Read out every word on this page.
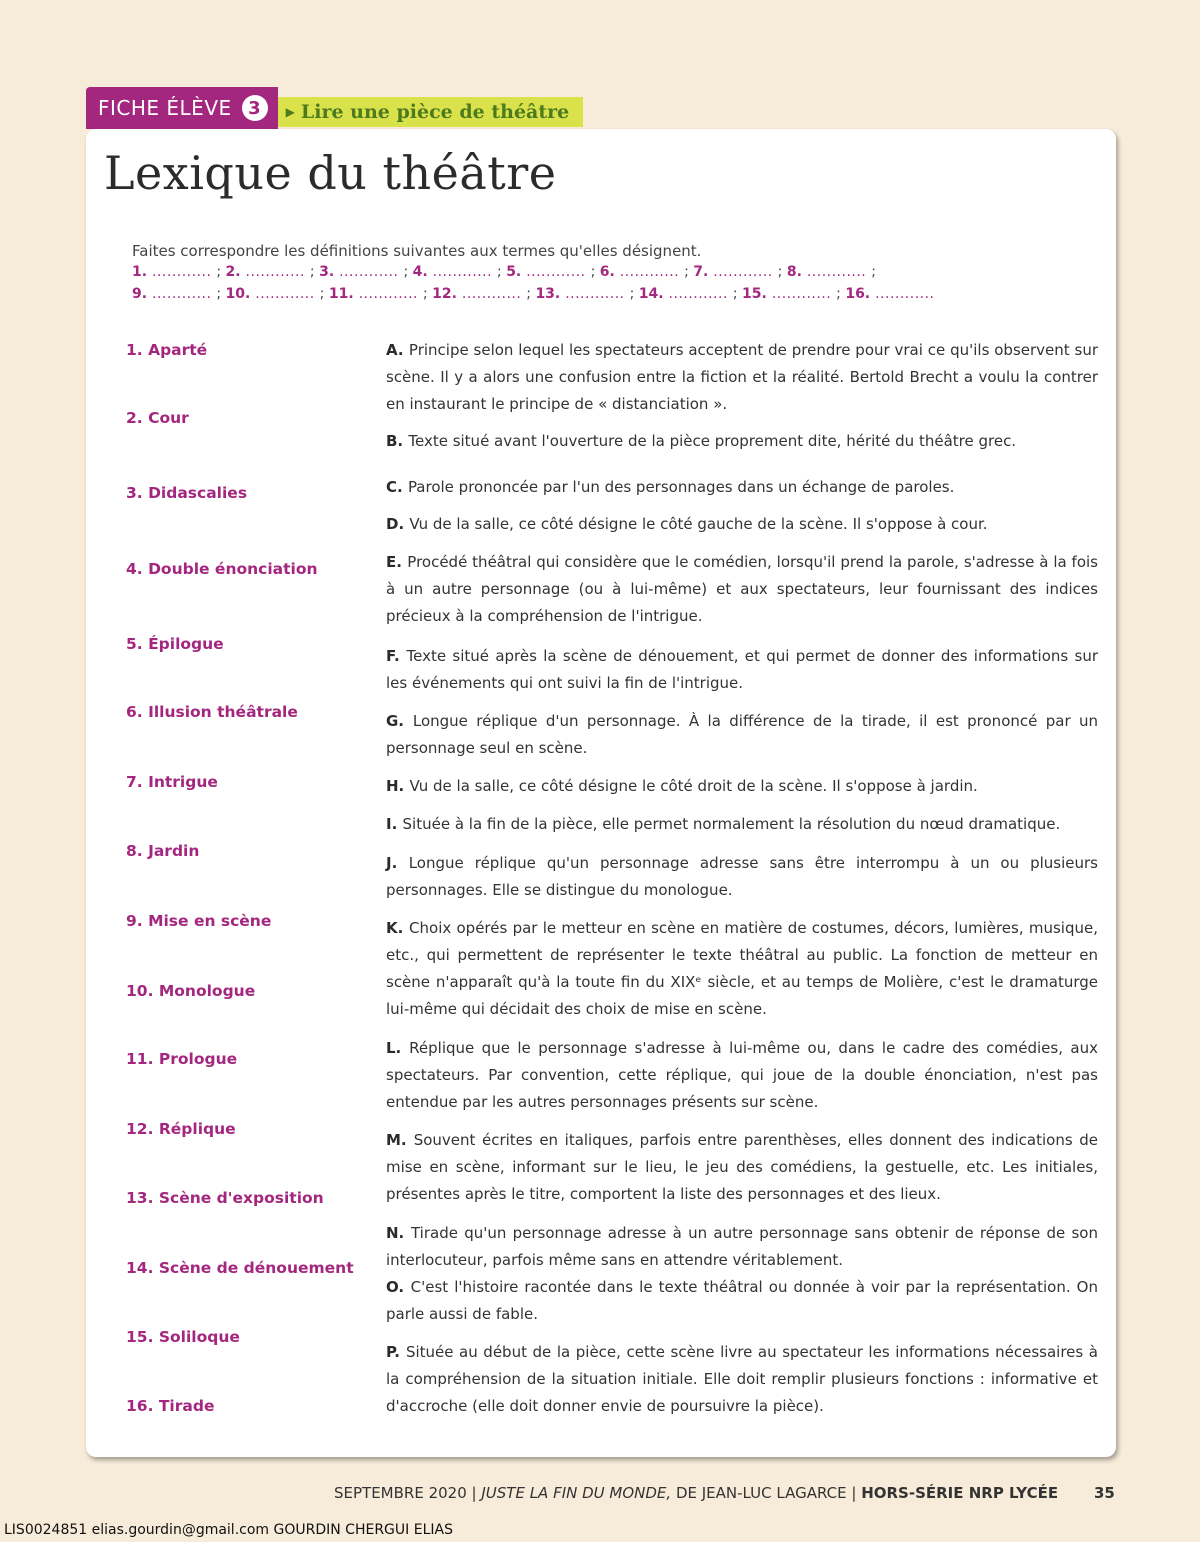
FICHE ÉLÈVE 3	▶ Lire une pièce de théâtre
Lexique du théâtre
Faites correspondre les définitions suivantes aux termes qu'elles désignent.
1. ............ ; 2. ............ ; 3. ............ ; 4. ............ ; 5. ............ ; 6. ............ ; 7. ............ ; 8. ............ ;
9. ............ ; 10. ............ ; 11. ............ ; 12. ............ ; 13. ............ ; 14. ............ ; 15. ............ ; 16. ............
1. Aparté
2. Cour
3. Didascalies
4. Double énonciation
5. Épilogue
6. Illusion théâtrale
7. Intrigue
8. Jardin
9. Mise en scène
10. Monologue
11. Prologue
12. Réplique
13. Scène d'exposition
14. Scène de dénouement
15. Soliloque
16. Tirade
A. Principe selon lequel les spectateurs acceptent de prendre pour vrai ce qu'ils observent sur scène. Il y a alors une confusion entre la fiction et la réalité. Bertold Brecht a voulu la contrer en instaurant le principe de « distanciation ».
B. Texte situé avant l'ouverture de la pièce proprement dite, hérité du théâtre grec.
C. Parole prononcée par l'un des personnages dans un échange de paroles.
D. Vu de la salle, ce côté désigne le côté gauche de la scène. Il s'oppose à cour.
E. Procédé théâtral qui considère que le comédien, lorsqu'il prend la parole, s'adresse à la fois à un autre personnage (ou à lui-même) et aux spectateurs, leur fournissant des indices précieux à la compréhension de l'intrigue.
F. Texte situé après la scène de dénouement, et qui permet de donner des informations sur les événements qui ont suivi la fin de l'intrigue.
G. Longue réplique d'un personnage. À la différence de la tirade, il est prononcé par un personnage seul en scène.
H. Vu de la salle, ce côté désigne le côté droit de la scène. Il s'oppose à jardin.
I. Située à la fin de la pièce, elle permet normalement la résolution du nœud dramatique.
J. Longue réplique qu'un personnage adresse sans être interrompu à un ou plusieurs personnages. Elle se distingue du monologue.
K. Choix opérés par le metteur en scène en matière de costumes, décors, lumières, musique, etc., qui permettent de représenter le texte théâtral au public. La fonction de metteur en scène n'apparaît qu'à la toute fin du XIXᵉ siècle, et au temps de Molière, c'est le dramaturge lui-même qui décidait des choix de mise en scène.
L. Réplique que le personnage s'adresse à lui-même ou, dans le cadre des comédies, aux spectateurs. Par convention, cette réplique, qui joue de la double énonciation, n'est pas entendue par les autres personnages présents sur scène.
M. Souvent écrites en italiques, parfois entre parenthèses, elles donnent des indications de mise en scène, informant sur le lieu, le jeu des comédiens, la gestuelle, etc. Les initiales, présentes après le titre, comportent la liste des personnages et des lieux.
N. Tirade qu'un personnage adresse à un autre personnage sans obtenir de réponse de son interlocuteur, parfois même sans en attendre véritablement.
O. C'est l'histoire racontée dans le texte théâtral ou donnée à voir par la représentation. On parle aussi de fable.
P. Située au début de la pièce, cette scène livre au spectateur les informations nécessaires à la compréhension de la situation initiale. Elle doit remplir plusieurs fonctions : informative et d'accroche (elle doit donner envie de poursuivre la pièce).
SEPTEMBRE 2020 | JUSTE LA FIN DU MONDE, DE JEAN-LUC LAGARCE | HORS-SÉRIE NRP LYCÉE 35
LIS0024851 elias.gourdin@gmail.com GOURDIN CHERGUI ELIAS
